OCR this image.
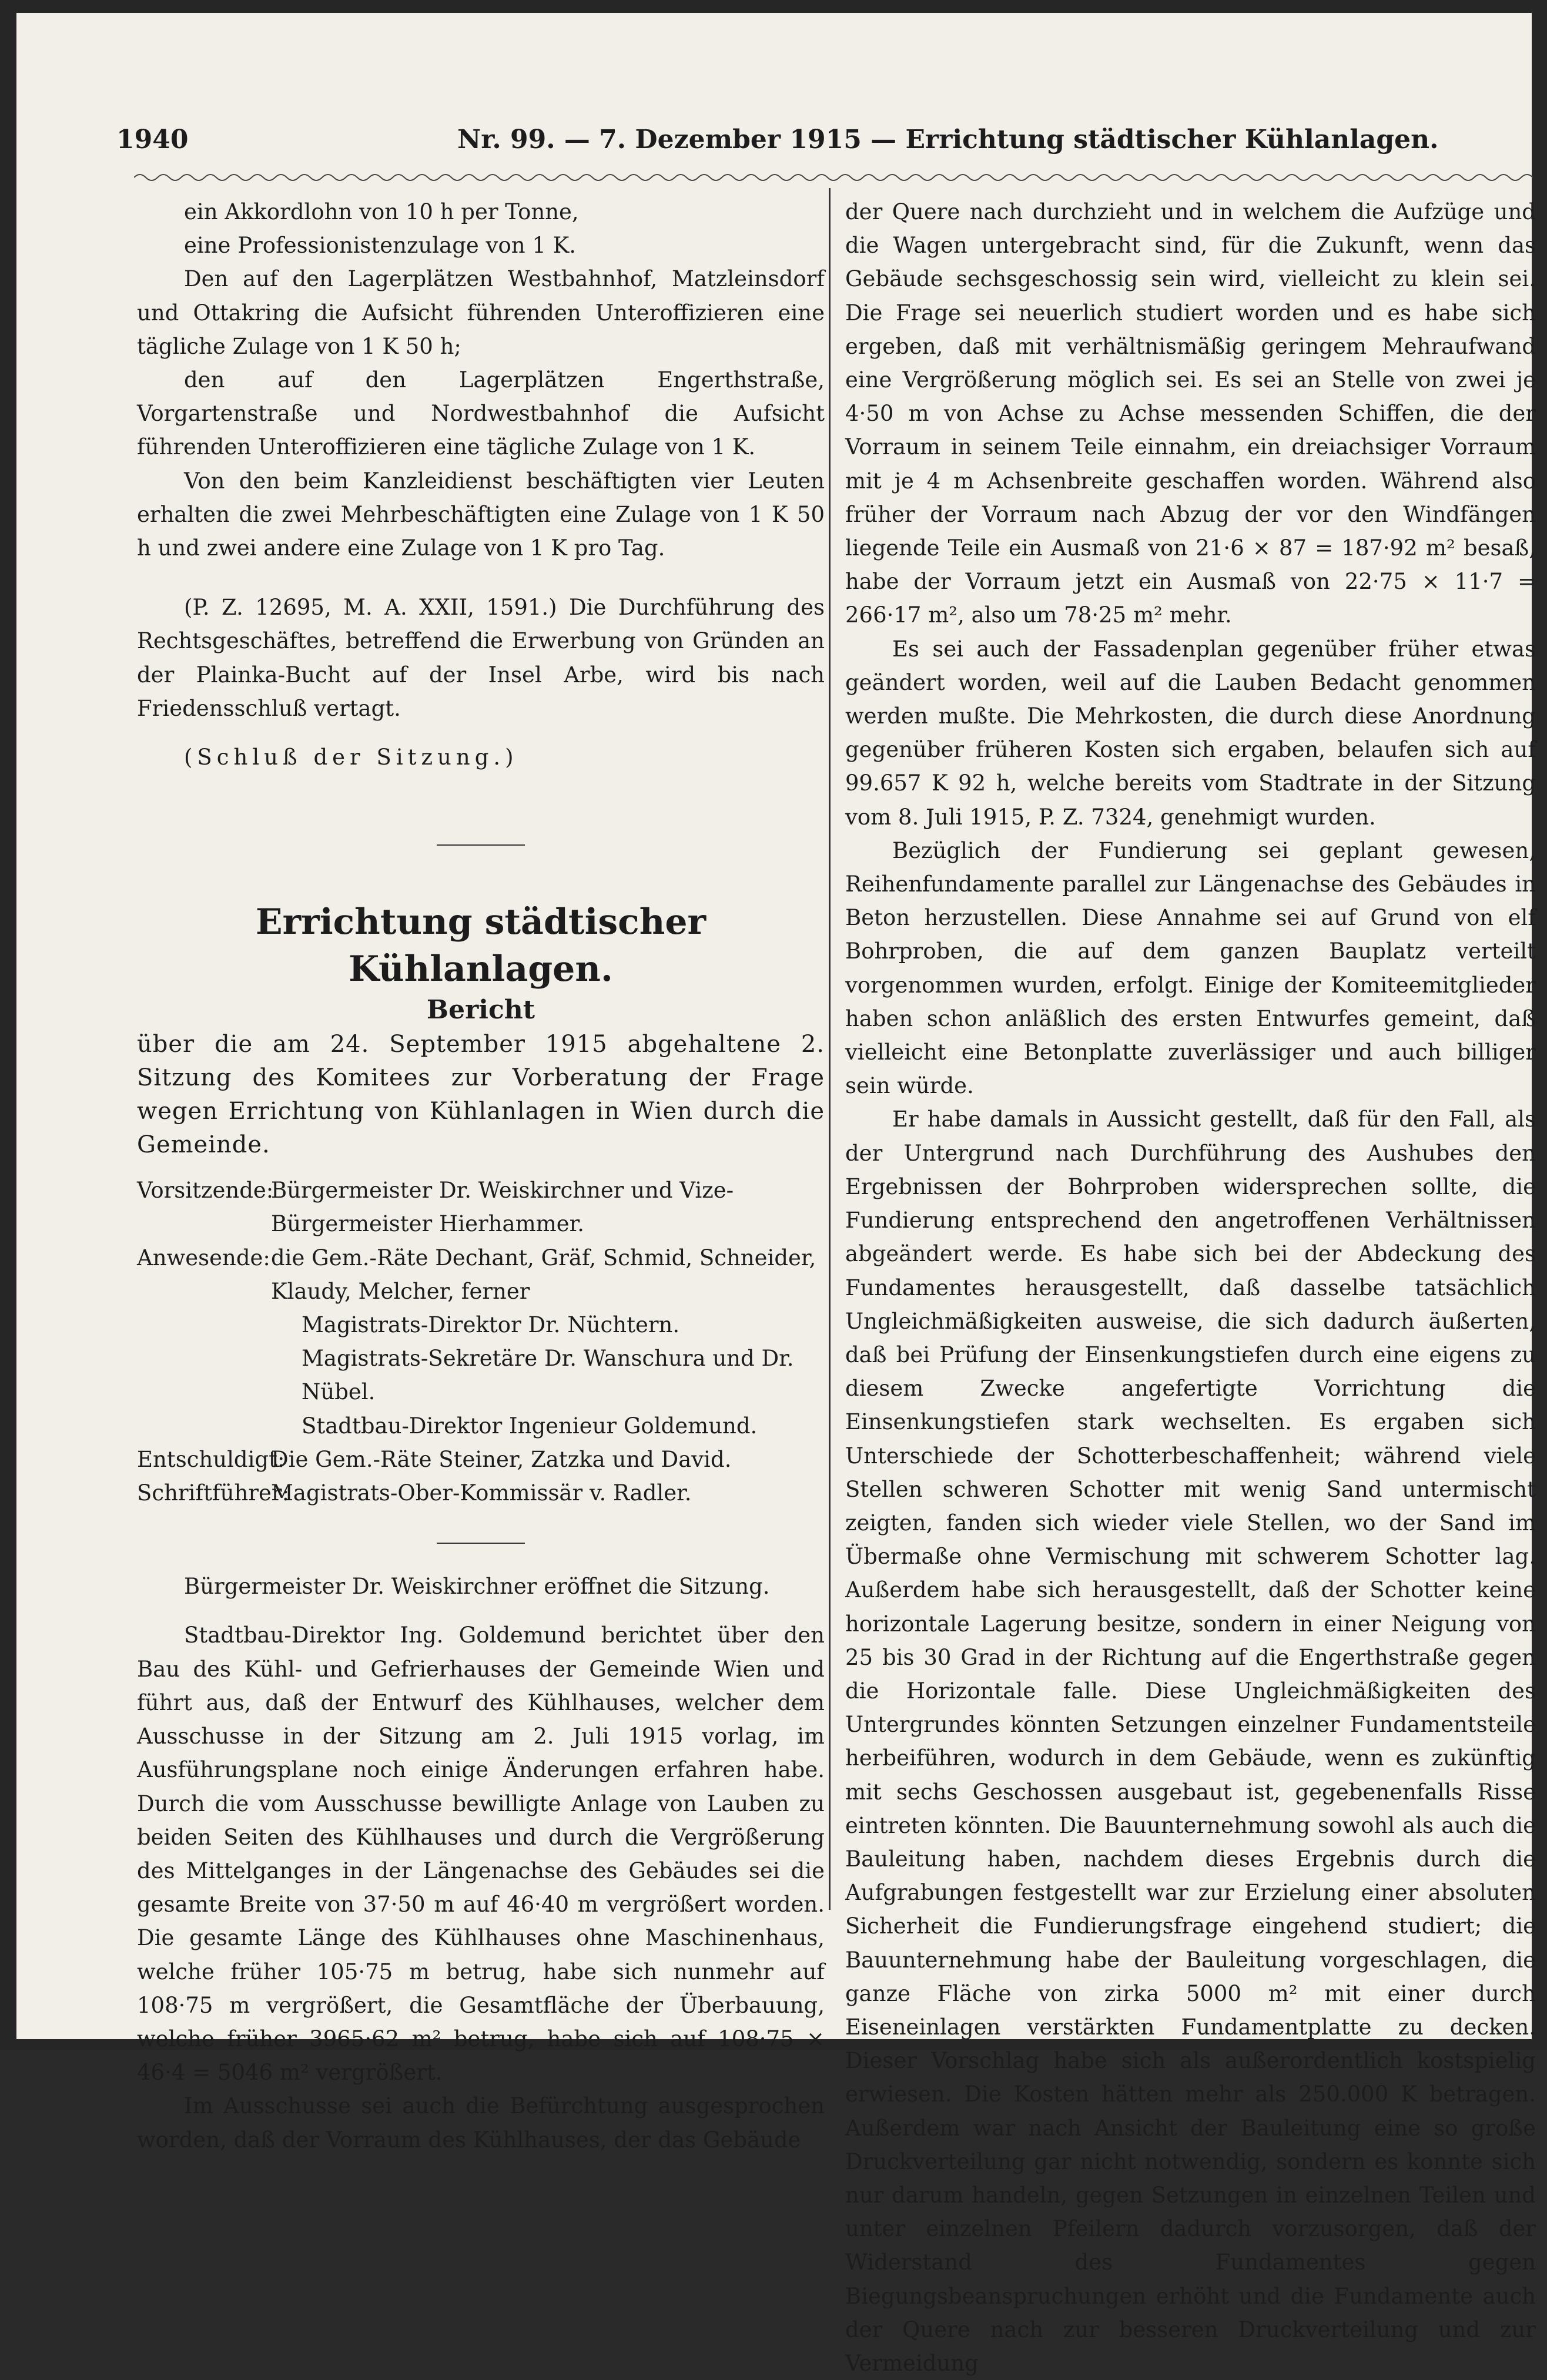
1940	Nr. 99. — 7. Dezember 1915 — Errichtung städtischer Kühlanlagen.

ein Akkordlohn von 10 h per Tonne,

eine Professionistenzulage von 1 K.

Den auf den Lagerplätzen Westbahnhof, Matzleinsdorf und Ottakring die Aufsicht führenden Unteroffizieren eine tägliche Zulage von 1 K 50 h;

den auf den Lagerplätzen Engerthstraße, Vorgartenstraße und Nordwestbahnhof die Aufsicht führenden Unteroffizieren eine tägliche Zulage von 1 K.

Von den beim Kanzleidienst beschäftigten vier Leuten erhalten die zwei Mehrbeschäftigten eine Zulage von 1 K 50 h und zwei andere eine Zulage von 1 K pro Tag.

(P. Z. 12695, M. A. XXII, 1591.) Die Durchführung des Rechtsgeschäftes, betreffend die Erwerbung von Gründen an der Plainka-Bucht auf der Insel Arbe, wird bis nach Friedensschluß vertagt.

(Schluß der Sitzung.)

Errichtung städtischer Kühlanlagen.
Bericht

über die am 24. September 1915 abgehaltene 2. Sitzung des Komitees zur Vorberatung der Frage wegen Errichtung von Kühlanlagen in Wien durch die Gemeinde.

Vorsitzende:
Bürgermeister Dr. Weiskirchner und Vize-Bürgermeister Hierhammer.
Anwesende: die Gem.-Räte Dechant, Gräf, Schmid, Schneider, Klaudy, Melcher, ferner
Magistrats-Direktor Dr. Nüchtern.
Magistrats-Sekretäre Dr. Wanschura und Dr. Nübel.
Stadtbau-Direktor Ingenieur Goldemund.
Entschuldigt:
Die Gem.-Räte Steiner, Zatzka und David.
Schriftführer:
Magistrats-Ober-Kommissär v. Radler.

Bürgermeister Dr. Weiskirchner eröffnet die Sitzung.

Stadtbau-Direktor Ing. Goldemund berichtet über den Bau des Kühl- und Gefrierhauses der Gemeinde Wien und führt aus, daß der Entwurf des Kühlhauses, welcher dem Ausschusse in der Sitzung am 2. Juli 1915 vorlag, im Ausführungsplane noch einige Änderungen erfahren habe. Durch die vom Ausschusse bewilligte Anlage von Lauben zu beiden Seiten des Kühlhauses und durch die Vergrößerung des Mittelganges in der Längenachse des Gebäudes sei die gesamte Breite von 37·50 m auf 46·40 m vergrößert worden. Die gesamte Länge des Kühlhauses ohne Maschinenhaus, welche früher 105·75 m betrug, habe sich nunmehr auf 108·75 m vergrößert, die Gesamtfläche der Überbauung, welche früher 3965·62 m² betrug, habe sich auf 108·75 × 46·4 = 5046 m² vergrößert.

Im Ausschusse sei auch die Befürchtung ausgesprochen worden, daß der Vorraum des Kühlhauses, der das Gebäude

der Quere nach durchzieht und in welchem die Aufzüge und die Wagen untergebracht sind, für die Zukunft, wenn das Gebäude sechsgeschossig sein wird, vielleicht zu klein sei. Die Frage sei neuerlich studiert worden und es habe sich ergeben, daß mit verhältnismäßig geringem Mehraufwand eine Vergrößerung möglich sei. Es sei an Stelle von zwei je 4·50 m von Achse zu Achse messenden Schiffen, die der Vorraum in seinem Teile einnahm, ein dreiachsiger Vorraum mit je 4 m Achsenbreite geschaffen worden. Während also früher der Vorraum nach Abzug der vor den Windfängen liegende Teile ein Ausmaß von 21·6 × 87 = 187·92 m² besaß, habe der Vorraum jetzt ein Ausmaß von 22·75 × 11·7 = 266·17 m², also um 78·25 m² mehr.

Es sei auch der Fassadenplan gegenüber früher etwas geändert worden, weil auf die Lauben Bedacht genommen werden mußte. Die Mehrkosten, die durch diese Anordnung gegenüber früheren Kosten sich ergaben, belaufen sich auf 99.657 K 92 h, welche bereits vom Stadtrate in der Sitzung vom 8. Juli 1915, P. Z. 7324, genehmigt wurden.

Bezüglich der Fundierung sei geplant gewesen, Reihenfundamente parallel zur Längenachse des Gebäudes in Beton herzustellen. Diese Annahme sei auf Grund von elf Bohrproben, die auf dem ganzen Bauplatz verteilt vorgenommen wurden, erfolgt. Einige der Komiteemitglieder haben schon anläßlich des ersten Entwurfes gemeint, daß vielleicht eine Betonplatte zuverlässiger und auch billiger sein würde.

Er habe damals in Aussicht gestellt, daß für den Fall, als der Untergrund nach Durchführung des Aushubes den Ergebnissen der Bohrproben widersprechen sollte, die Fundierung entsprechend den angetroffenen Verhältnissen abgeändert werde. Es habe sich bei der Abdeckung des Fundamentes herausgestellt, daß dasselbe tatsächlich Ungleichmäßigkeiten ausweise, die sich dadurch äußerten, daß bei Prüfung der Einsenkungstiefen durch eine eigens zu diesem Zwecke angefertigte Vorrichtung die Einsenkungstiefen stark wechselten. Es ergaben sich Unterschiede der Schotterbeschaffenheit; während viele Stellen schweren Schotter mit wenig Sand untermischt zeigten, fanden sich wieder viele Stellen, wo der Sand im Übermaße ohne Vermischung mit schwerem Schotter lag. Außerdem habe sich herausgestellt, daß der Schotter keine horizontale Lagerung besitze, sondern in einer Neigung von 25 bis 30 Grad in der Richtung auf die Engerthstraße gegen die Horizontale falle. Diese Ungleichmäßigkeiten des Untergrundes könnten Setzungen einzelner Fundamentsteile herbeiführen, wodurch in dem Gebäude, wenn es zukünftig mit sechs Geschossen ausgebaut ist, gegebenenfalls Risse eintreten könnten. Die Bauunternehmung sowohl als auch die Bauleitung haben, nachdem dieses Ergebnis durch die Aufgrabungen festgestellt war zur Erzielung einer absoluten Sicherheit die Fundierungsfrage eingehend studiert; die Bauunternehmung habe der Bauleitung vorgeschlagen, die ganze Fläche von zirka 5000 m² mit einer durch Eiseneinlagen verstärkten Fundamentplatte zu decken. Dieser Vorschlag habe sich als außerordentlich kostspielig erwiesen. Die Kosten hätten mehr als 250.000 K betragen. Außerdem war nach Ansicht der Bauleitung eine so große Druckverteilung gar nicht notwendig, sondern es konnte sich nur darum handeln, gegen Setzungen in einzelnen Teilen und unter einzelnen Pfeilern dadurch vorzusorgen, daß der Widerstand des Fundamentes gegen Biegungsbeanspruchungen erhöht und die Fundamente auch der Quere nach zur besseren Druckverteilung und zur Vermeidung
